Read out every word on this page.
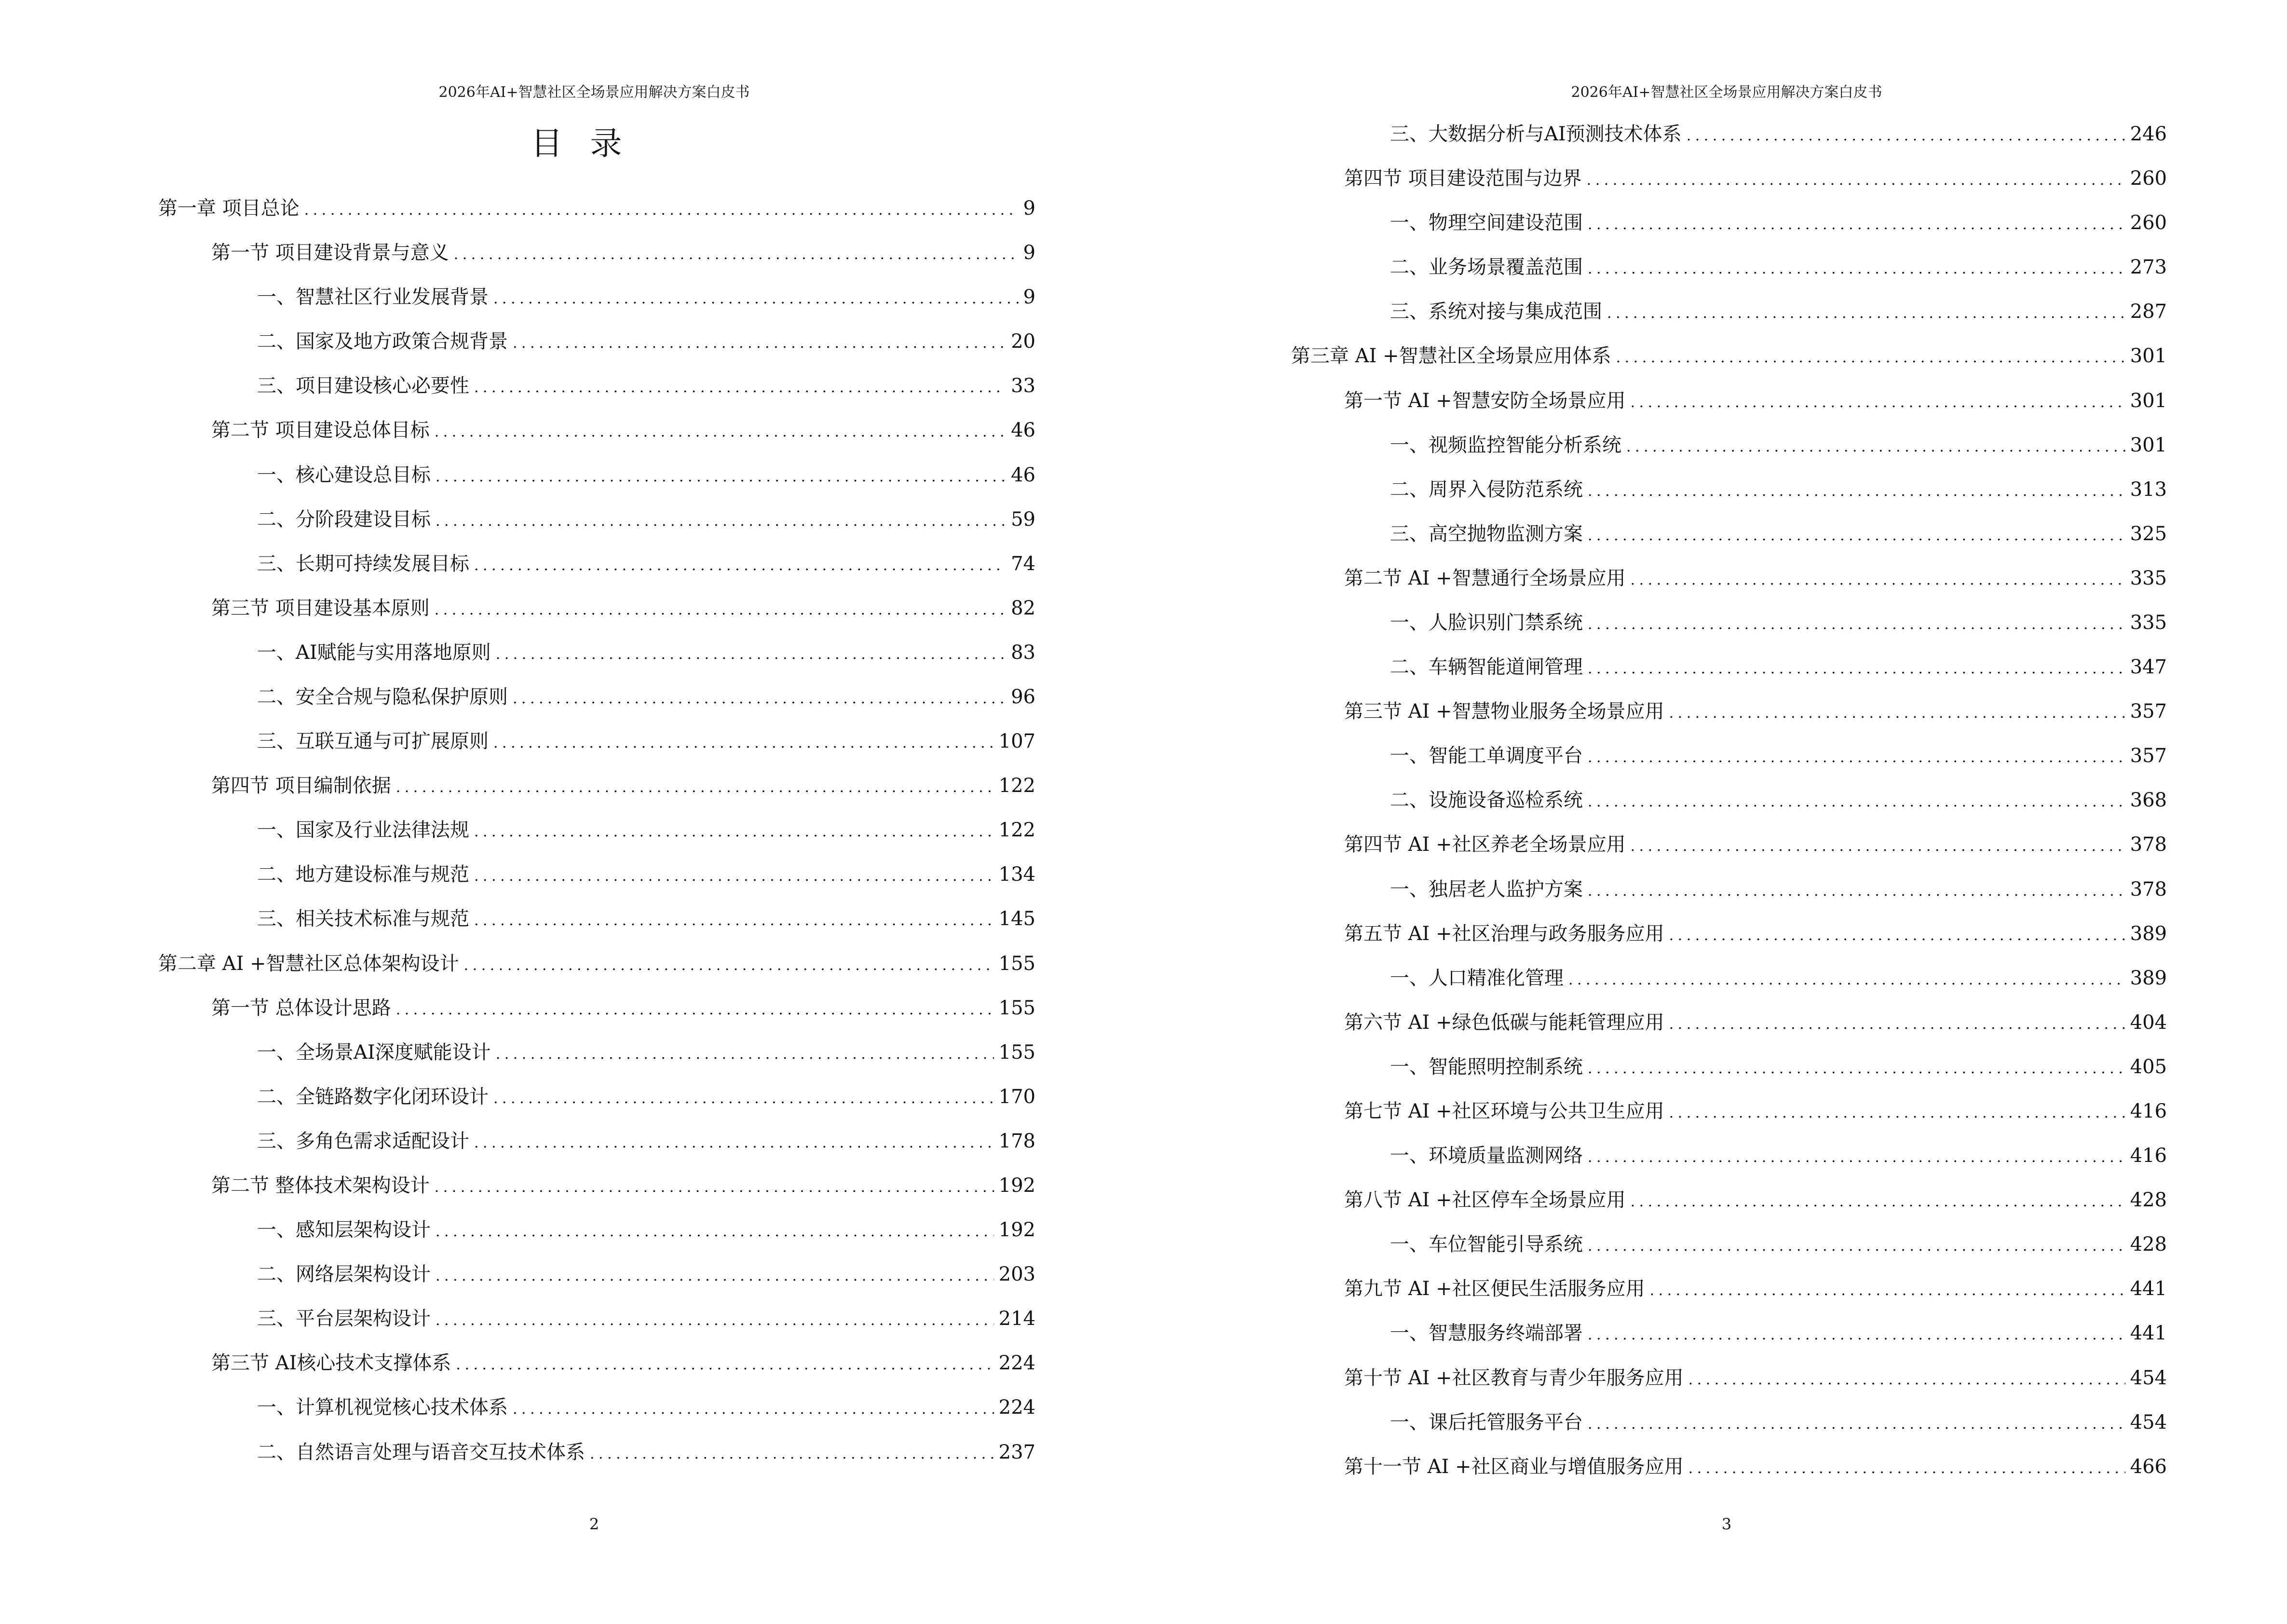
2026年AI+智慧社区全场景应用解决方案白皮书
目 录
第一章 项目总论 .....	9
第一节 项目建设背景与意义 .....	9
一、智慧社区行业发展背景 .....	9
二、国家及地方政策合规背景 .....	20
三、项目建设核心必要性 .....	33
第二节 项目建设总体目标 .....	46
一、核心建设总目标 .....	46
二、分阶段建设目标 .....	59
三、长期可持续发展目标 .....	74
第三节 项目建设基本原则 .....	82
一、AI赋能与实用落地原则 .....	83
二、安全合规与隐私保护原则 .....	96
三、互联互通与可扩展原则 .....	107
第四节 项目编制依据 .....	122
一、国家及行业法律法规 .....	122
二、地方建设标准与规范 .....	134
三、相关技术标准与规范 .....	145
第二章 AI +智慧社区总体架构设计 .....	155
第一节 总体设计思路 .....	155
一、全场景AI深度赋能设计 .....	155
二、全链路数字化闭环设计 .....	170
三、多角色需求适配设计 .....	178
第二节 整体技术架构设计 .....	192
一、感知层架构设计 .....	192
二、网络层架构设计 .....	203
三、平台层架构设计 .....	214
第三节 AI核心技术支撑体系 .....	224
一、计算机视觉核心技术体系 .....	224
二、自然语言处理与语音交互技术体系 .....	237
2
2026年AI+智慧社区全场景应用解决方案白皮书
三、大数据分析与AI预测技术体系 .....	246
第四节 项目建设范围与边界 .....	260
一、物理空间建设范围 .....	260
二、业务场景覆盖范围 .....	273
三、系统对接与集成范围 .....	287
第三章 AI +智慧社区全场景应用体系 .....	301
第一节 AI +智慧安防全场景应用 .....	301
一、视频监控智能分析系统 .....	301
二、周界入侵防范系统 .....	313
三、高空抛物监测方案 .....	325
第二节 AI +智慧通行全场景应用 .....	335
一、人脸识别门禁系统 .....	335
二、车辆智能道闸管理 .....	347
第三节 AI +智慧物业服务全场景应用 .....	357
一、智能工单调度平台 .....	357
二、设施设备巡检系统 .....	368
第四节 AI +社区养老全场景应用 .....	378
一、独居老人监护方案 .....	378
第五节 AI +社区治理与政务服务应用 .....	389
一、人口精准化管理 .....	389
第六节 AI +绿色低碳与能耗管理应用 .....	404
一、智能照明控制系统 .....	405
第七节 AI +社区环境与公共卫生应用 .....	416
一、环境质量监测网络 .....	416
第八节 AI +社区停车全场景应用 .....	428
一、车位智能引导系统 .....	428
第九节 AI +社区便民生活服务应用 .....	441
一、智慧服务终端部署 .....	441
第十节 AI +社区教育与青少年服务应用 .....	454
一、课后托管服务平台 .....	454
第十一节 AI +社区商业与增值服务应用 .....	466
3
